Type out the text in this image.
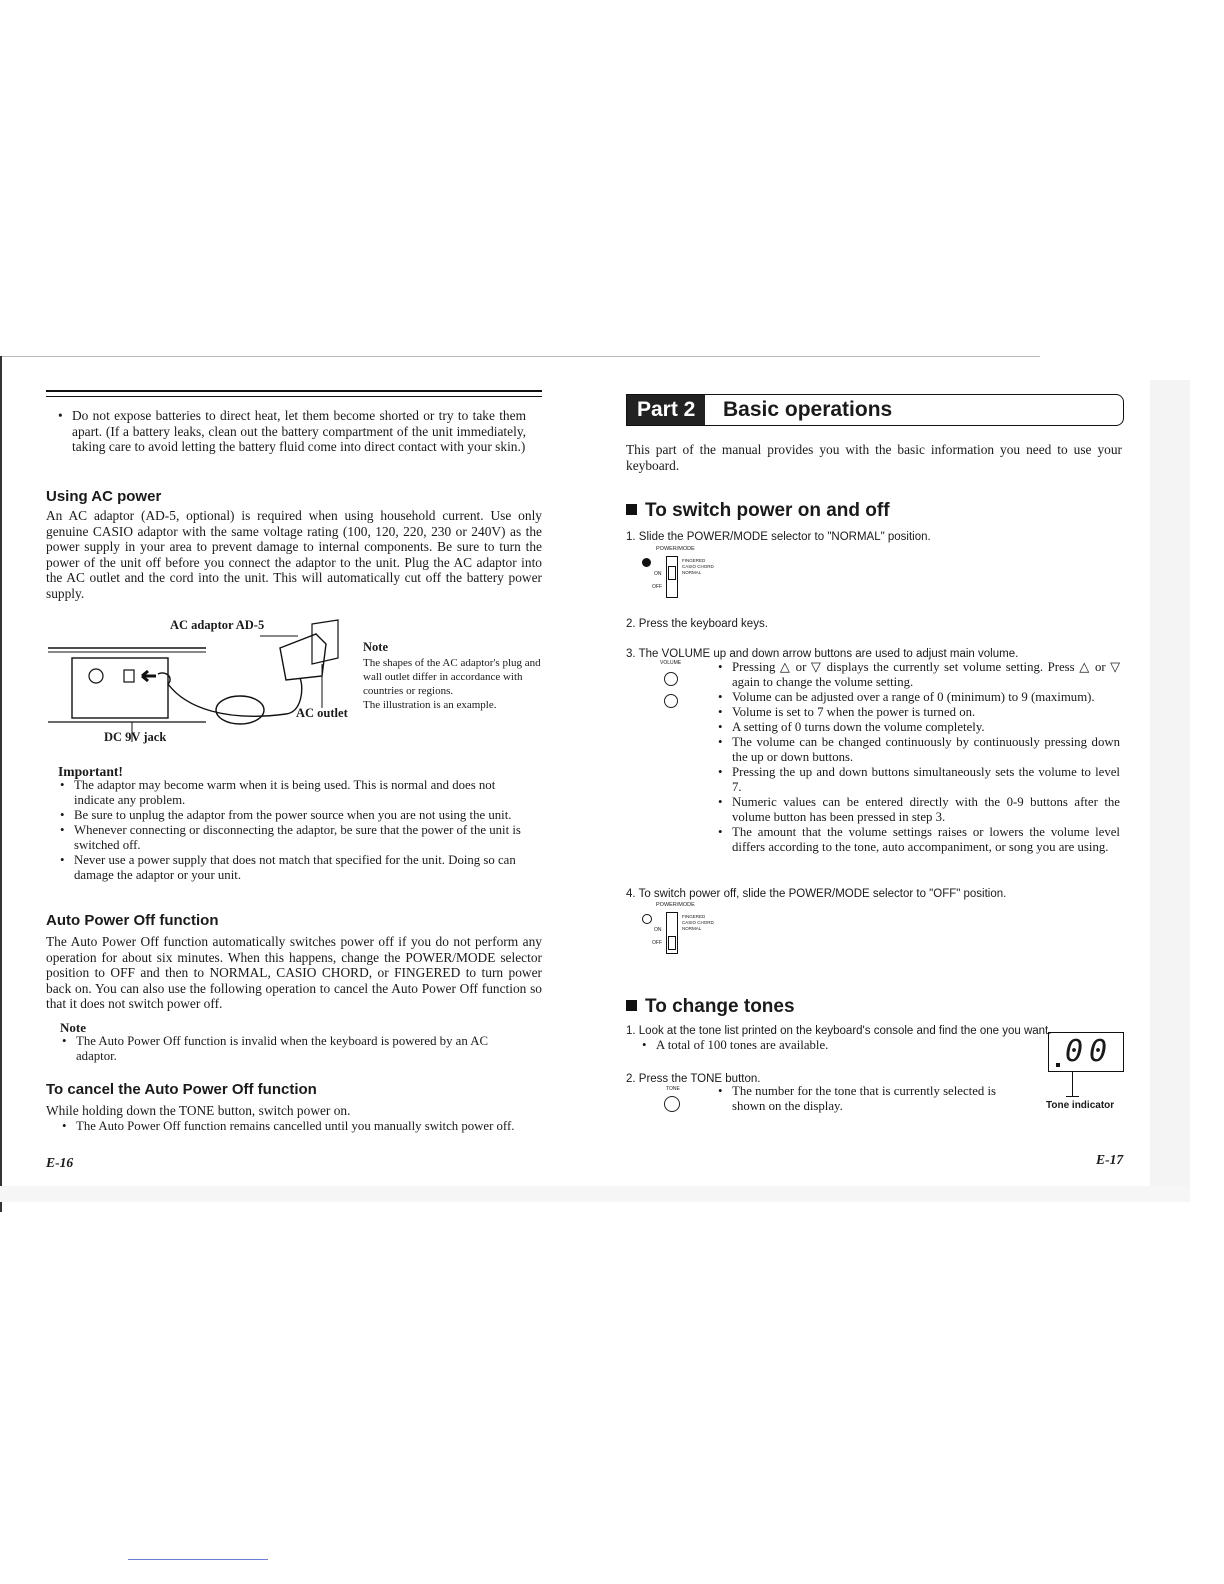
• Do not expose batteries to direct heat, let them become shorted or try to take them apart. (If a battery leaks, clean out the battery compartment of the unit immediately, taking care to avoid letting the battery fluid come into direct contact with your skin.)
Using AC power

An AC adaptor (AD-5, optional) is required when using household current. Use only genuine CASIO adaptor with the same voltage rating (100, 120, 220, 230 or 240V) as the power supply in your area to prevent damage to internal components. Be sure to turn the power of the unit off before you connect the adaptor to the unit. Plug the AC adaptor into the AC outlet and the cord into the unit. This will automatically cut off the battery power supply.

AC adaptor AD-5
AC outlet
DC 9V jack
Note
The shapes of the AC adaptor's plug and wall outlet differ in accordance with countries or regions.
The illustration is an example.
Important!
• The adaptor may become warm when it is being used. This is normal and does not indicate any problem.
• Be sure to unplug the adaptor from the power source when you are not using the unit.
• Whenever connecting or disconnecting the adaptor, be sure that the power of the unit is switched off.
• Never use a power supply that does not match that specified for the unit. Doing so can damage the adaptor or your unit.
Auto Power Off function

The Auto Power Off function automatically switches power off if you do not perform any operation for about six minutes. When this happens, change the POWER/MODE selector position to OFF and then to NORMAL, CASIO CHORD, or FINGERED to turn power back on. You can also use the following operation to cancel the Auto Power Off function so that it does not switch power off.

Note
• The Auto Power Off function is invalid when the keyboard is powered by an AC adaptor.
To cancel the Auto Power Off function

While holding down the TONE button, switch power on.

• The Auto Power Off function remains cancelled until you manually switch power off.
E-16
Part 2	Basic operations

This part of the manual provides you with the basic information you need to use your keyboard.

To switch power on and off
1. Slide the POWER/MODE selector to "NORMAL" position.
POWER/MODE
ON
OFF
FINGERED
CASIO CHORD
NORMAL
2. Press the keyboard keys.
3. The VOLUME up and down arrow buttons are used to adjust main volume.
VOLUME	• Pressing △ or ▽ displays the currently set volume setting. Press △ or ▽ again to change the volume setting.
• Volume can be adjusted over a range of 0 (minimum) to 9 (maximum).
• Volume is set to 7 when the power is turned on.
• A setting of 0 turns down the volume completely.
• The volume can be changed continuously by continuously pressing down the up or down buttons.
• Pressing the up and down buttons simultaneously sets the volume to level 7.
• Numeric values can be entered directly with the 0-9 buttons after the volume button has been pressed in step 3.
• The amount that the volume settings raises or lowers the volume level differs according to the tone, auto accompaniment, or song you are using.
4. To switch power off, slide the POWER/MODE selector to "OFF" position.
POWER/MODE
ON
OFF
FINGERED
CASIO CHORD
NORMAL
To change tones
1. Look at the tone list printed on the keyboard's console and find the one you want.
• A total of 100 tones are available.
2. Press the TONE button.
TONE	• The number for the tone that is currently selected is shown on the display.
00
Tone indicator
E-17
